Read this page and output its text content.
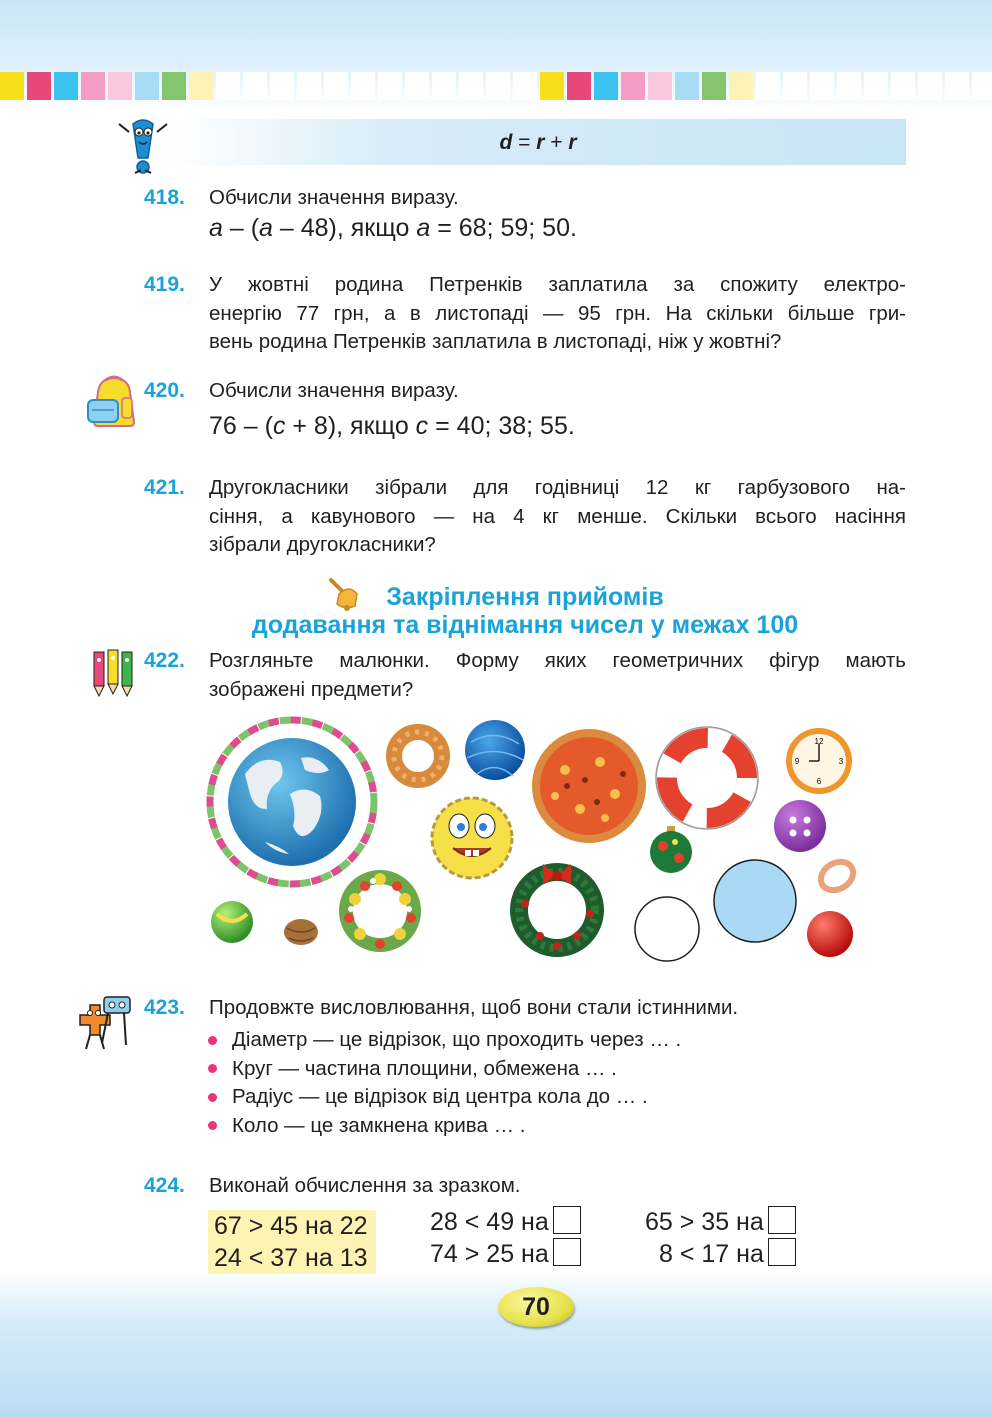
d = r + r
418. Обчисли значення виразу.
a – (a – 48), якщо a = 68; 59; 50.
419. У жовтні родина Петренків заплатила за спожиту електро-
енергію 77 грн, а в листопаді — 95 грн. На скільки більше гри-
вень родина Петренків заплатила в листопаді, ніж у жовтні?
420. Обчисли значення виразу.
76 – (с + 8), якщо с = 40; 38; 55.
421. Другокласники зібрали для годівниці 12 кг гарбузового на-
сіння, а кавунового — на 4 кг менше. Скільки всього насіння
зібрали другокласники?
Закріплення прийомів
додавання та віднімання чисел у межах 100
422. Розгляньте малюнки. Форму яких геометричних фігур мають
зображені предмети?
12
3
6
9
423. Продовжте висловлювання, щоб вони стали істинними.
Діаметр — це відрізок, що проходить через … .
Круг — частина площини, обмежена … .
Радіус — це відрізок від центра кола до … .
Коло — це замкнена крива … .
424. Виконай обчислення за зразком.
67 > 45 на 22
24 < 37 на 13
28 < 49 на
74 > 25 на
65 > 35 на
8 < 17 на
70
